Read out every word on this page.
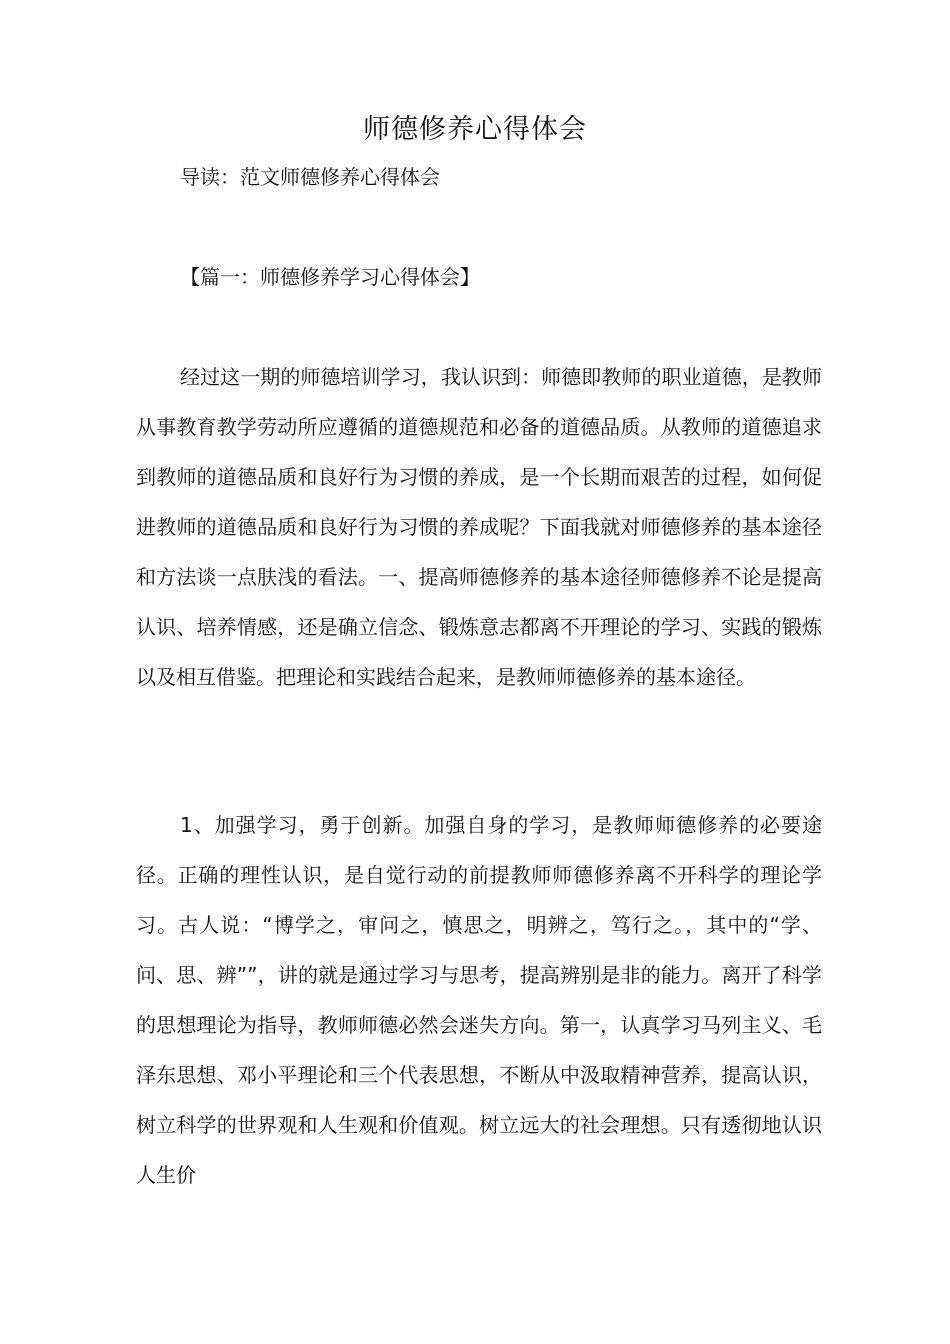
师德修养心得体会
导读：范文师德修养心得体会
【篇一：师德修养学习心得体会】

经过这一期的师德培训学习，我认识到：师德即教师的职业道德，是教师从事教育教学劳动所应遵循的道德规范和必备的道德品质。从教师的道德追求到教师的道德品质和良好行为习惯的养成，是一个长期而艰苦的过程，如何促进教师的道德品质和良好行为习惯的养成呢？下面我就对师德修养的基本途径和方法谈一点肤浅的看法。一、提高师德修养的基本途径师德修养不论是提高认识、培养情感，还是确立信念、锻炼意志都离不开理论的学习、实践的锻炼以及相互借鉴。把理论和实践结合起来，是教师师德修养的基本途径。

1、加强学习，勇于创新。加强自身的学习，是教师师德修养的必要途径。正确的理性认识，是自觉行动的前提教师师德修养离不开科学的理论学习。古人说：“博学之，审问之，慎思之，明辨之，笃行之。，其中的“学、问、思、辨””，讲的就是通过学习与思考，提高辨别是非的能力。离开了科学的思想理论为指导，教师师德必然会迷失方向。第一，认真学习马列主义、毛泽东思想、邓小平理论和三个代表思想，不断从中汲取精神营养，提高认识，树立科学的世界观和人生观和价值观。树立远大的社会理想。只有透彻地认识人生价
